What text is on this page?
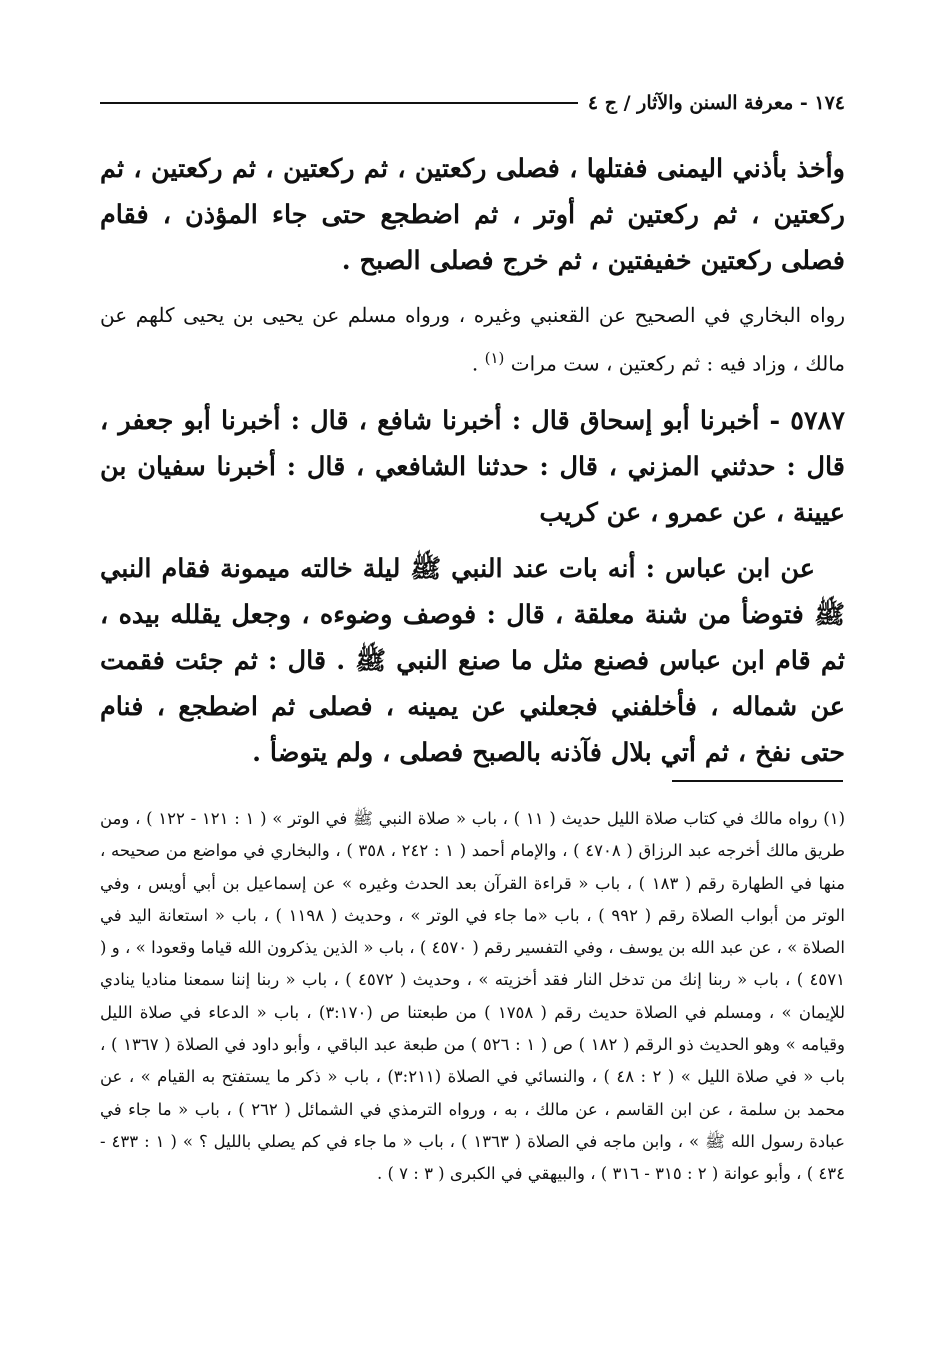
١٧٤ - معرفة السنن والآثار / ج ٤

وأخذ بأذني اليمنى ففتلها ، فصلى ركعتين ، ثم ركعتين ، ثم ركعتين ، ثم ركعتين ، ثم ركعتين ثم أوتر ، ثم اضطجع حتى جاء المؤذن ، فقام فصلى ركعتين خفيفتين ، ثم خرج فصلى الصبح .

رواه البخاري في الصحيح عن القعنبي وغيره ، ورواه مسلم عن يحيى بن يحيى كلهم عن مالك ، وزاد فيه : ثم ركعتين ، ست مرات $^{(١)}$ .

٥٧٨٧ - أخبرنا أبو إسحاق قال : أخبرنا شافع ، قال : أخبرنا أبو جعفر ، قال : حدثني المزني ، قال : حدثنا الشافعي ، قال : أخبرنا سفيان بن عيينة ، عن عمرو ، عن كريب

عن ابن عباس : أنه بات عند النبي ﷺ ليلة خالته ميمونة فقام النبي ﷺ فتوضأ من شنة معلقة ، قال : فوصف وضوءه ، وجعل يقلله بيده ، ثم قام ابن عباس فصنع مثل ما صنع النبي ﷺ . قال : ثم جئت فقمت عن شماله ، فأخلفني فجعلني عن يمينه ، فصلى ثم اضطجع ، فنام حتى نفخ ، ثم أتي بلال فآذنه بالصبح فصلى ، ولم يتوضأ .

(١) رواه مالك في كتاب صلاة الليل حديث ( ١١ ) ، باب « صلاة النبي ﷺ في الوتر » ( ١ : ١٢١ - ١٢٢ ) ، ومن طريق مالك أخرجه عبد الرزاق ( ٤٧٠٨ ) ، والإمام أحمد ( ١ : ٢٤٢ ، ٣٥٨ ) ، والبخاري في مواضع من صحيحه ، منها في الطهارة رقم ( ١٨٣ ) ، باب « قراءة القرآن بعد الحدث وغيره » عن إسماعيل بن أبي أويس ، وفي الوتر من أبواب الصلاة رقم ( ٩٩٢ ) ، باب «ما جاء في الوتر » ، وحديث ( ١١٩٨ ) ، باب « استعانة اليد في الصلاة » ، عن عبد الله بن يوسف ، وفي التفسير رقم ( ٤٥٧٠ ) ، باب « الذين يذكرون الله قياما وقعودا » ، و ( ٤٥٧١ ) ، باب « ربنا إنك من تدخل النار فقد أخزيته » ، وحديث ( ٤٥٧٢ ) ، باب « ربنا إننا سمعنا مناديا ينادي للإيمان » ، ومسلم في الصلاة حديث رقم ( ١٧٥٨ ) من طبعتنا ص (٣:١٧٠) ، باب « الدعاء في صلاة الليل وقيامه » وهو الحديث ذو الرقم ( ١٨٢ ) ص ( ١ : ٥٢٦ ) من طبعة عبد الباقي ، وأبو داود في الصلاة ( ١٣٦٧ ) ، باب « في صلاة الليل » ( ٢ : ٤٨ ) ، والنسائي في الصلاة (٣:٢١١) ، باب « ذكر ما يستفتح به القيام » ، عن محمد بن سلمة ، عن ابن القاسم ، عن مالك ، به ، ورواه الترمذي في الشمائل ( ٢٦٢ ) ، باب « ما جاء في عبادة رسول الله ﷺ » ، وابن ماجه في الصلاة ( ١٣٦٣ ) ، باب « ما جاء في كم يصلي بالليل ؟ » ( ١ : ٤٣٣ - ٤٣٤ ) ، وأبو عوانة ( ٢ : ٣١٥ - ٣١٦ ) ، والبيهقي في الكبرى ( ٣ : ٧ ) .
